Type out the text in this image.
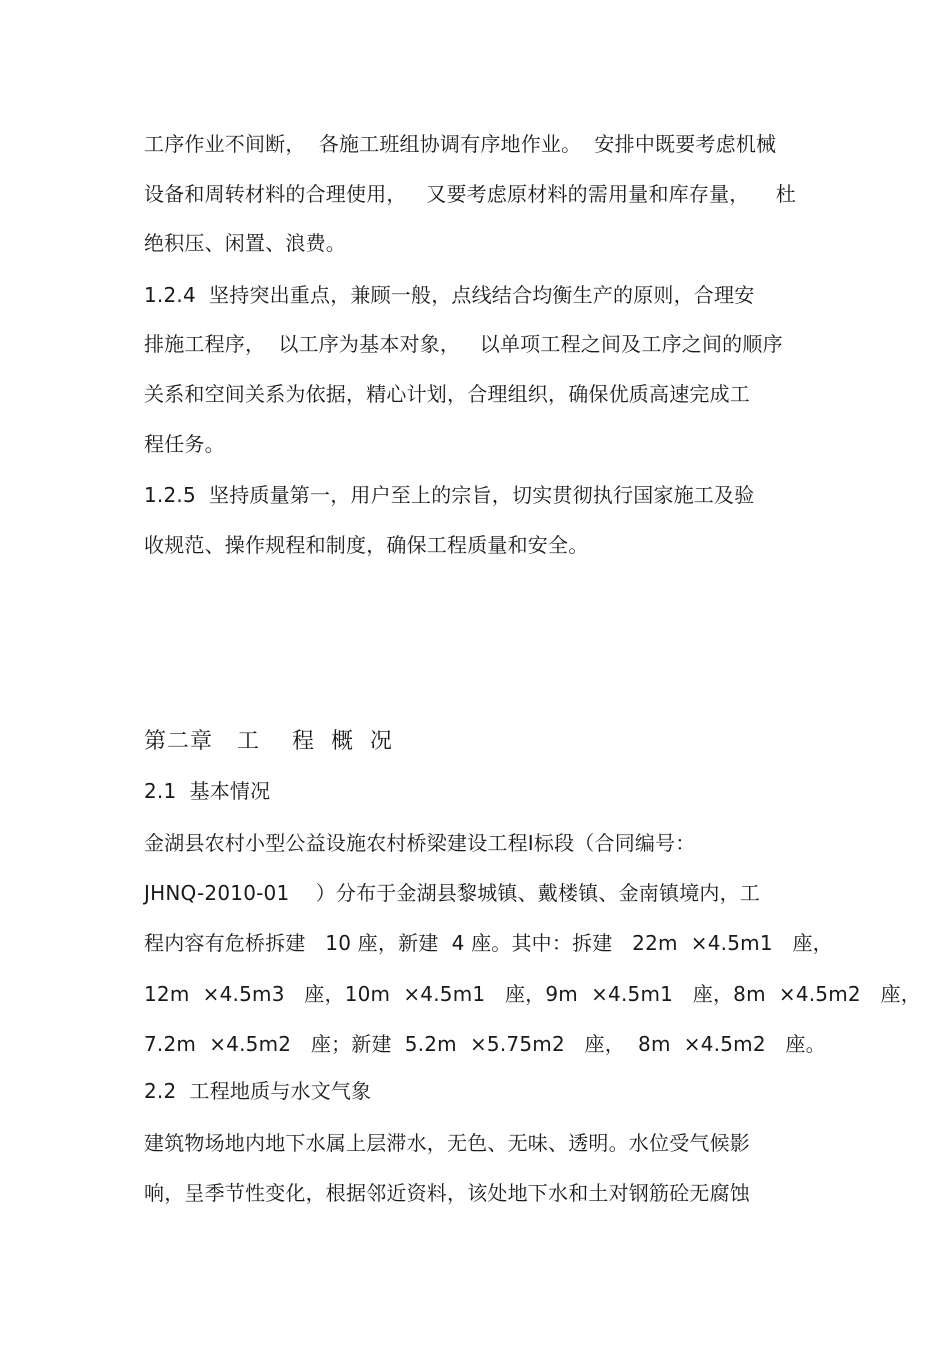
工序作业不间断，  各施工班组协调有序地作业。  安排中既要考虑机械
设备和周转材料的合理使用，   又要考虑原材料的需用量和库存量，    杜
绝积压、闲置、浪费。
1.2.4  坚持突出重点，兼顾一般，点线结合均衡生产的原则，合理安
排施工程序，  以工序为基本对象，   以单项工程之间及工序之间的顺序
关系和空间关系为依据，精心计划，合理组织，确保优质高速完成工
程任务。
1.2.5  坚持质量第一，用户至上的宗旨，切实贯彻执行国家施工及验
收规范、操作规程和制度，确保工程质量和安全。
第二章   工    程  概  况
2.1  基本情况
金湖县农村小型公益设施农村桥梁建设工程Ⅰ标段（合同编号：
JHNQ-2010-01    ）分布于金湖县黎城镇、戴楼镇、金南镇境内，工
程内容有危桥拆建   10 座，新建  4 座。其中：拆建   22m  ×4.5m1   座，
12m  ×4.5m3   座，10m  ×4.5m1   座，9m  ×4.5m1   座，8m  ×4.5m2   座，
7.2m  ×4.5m2   座；新建  5.2m  ×5.75m2   座，  8m  ×4.5m2   座。
2.2  工程地质与水文气象
建筑物场地内地下水属上层滞水，无色、无味、透明。水位受气候影
响，呈季节性变化，根据邻近资料，该处地下水和土对钢筋砼无腐蚀
